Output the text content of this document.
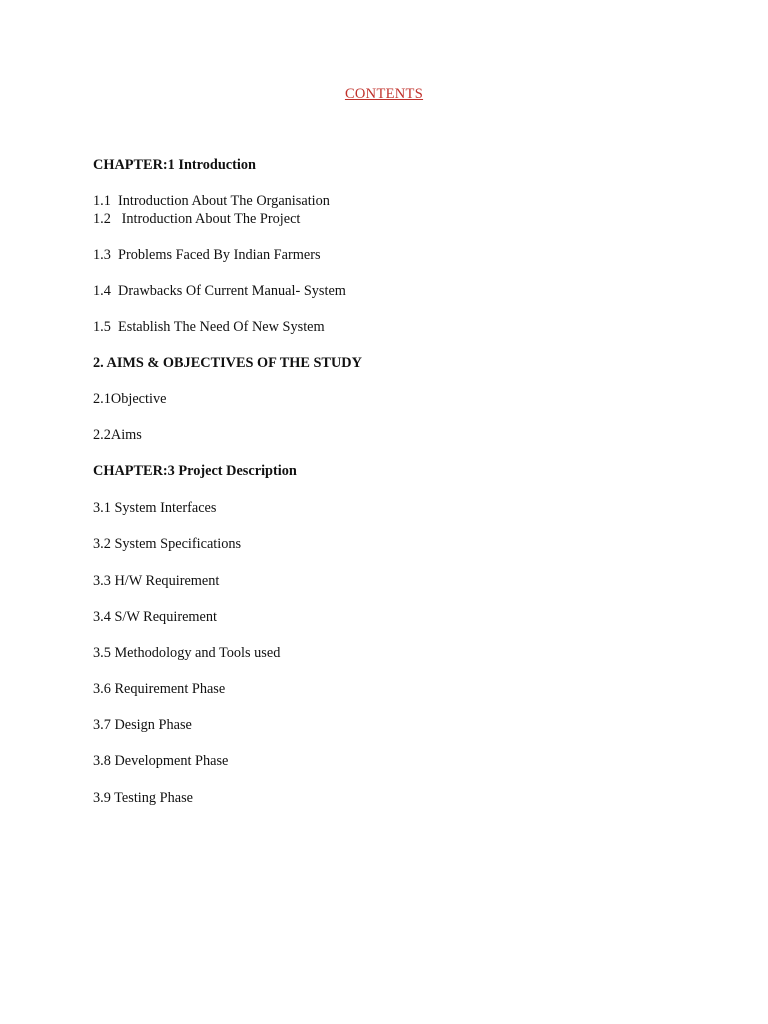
CONTENTS
CHAPTER:1 Introduction
1.1  Introduction About The Organisation
1.2   Introduction About The Project
1.3  Problems Faced By Indian Farmers
1.4  Drawbacks Of Current Manual- System
1.5  Establish The Need Of New System
2. AIMS & OBJECTIVES OF THE STUDY
2.1Objective
2.2Aims
CHAPTER:3 Project Description
3.1 System Interfaces
3.2 System Specifications
3.3 H/W Requirement
3.4 S/W Requirement
3.5 Methodology and Tools used
3.6 Requirement Phase
3.7 Design Phase
3.8 Development Phase
3.9 Testing Phase
